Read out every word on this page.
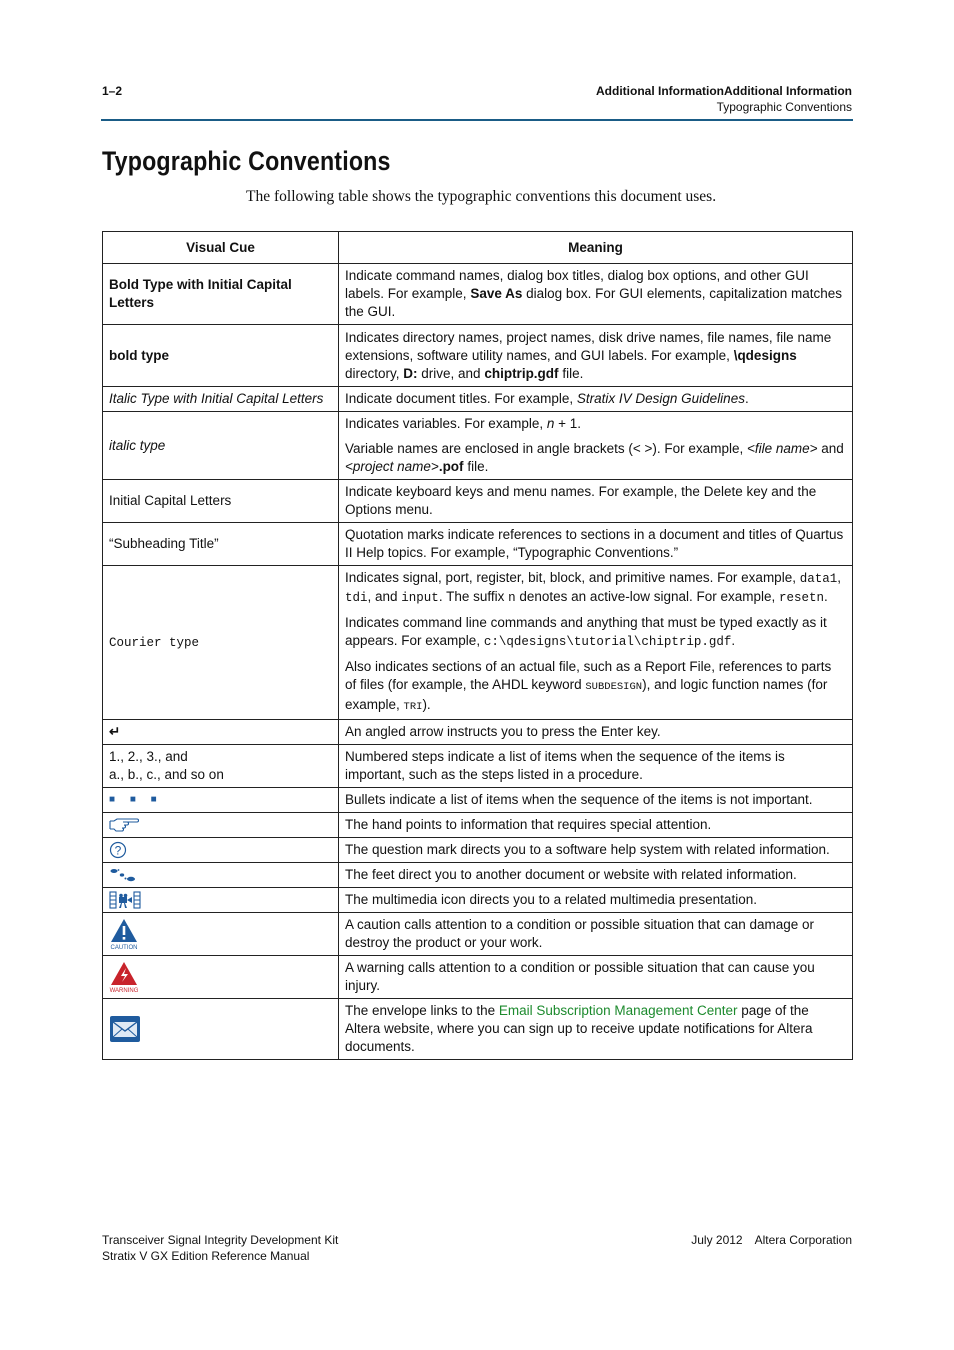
1–2	Additional InformationAdditional Information
Typographic Conventions
Typographic Conventions

The following table shows the typographic conventions this document uses.

Visual Cue	Meaning
Bold Type with Initial Capital Letters	Indicate command names, dialog box titles, dialog box options, and other GUI labels. For example, Save As dialog box. For GUI elements, capitalization matches the GUI.
bold type	Indicates directory names, project names, disk drive names, file names, file name extensions, software utility names, and GUI labels. For example, \qdesigns directory, D: drive, and chiptrip.gdf file.
Italic Type with Initial Capital Letters	Indicate document titles. For example, Stratix IV Design Guidelines.
italic type	Indicates variables. For example, n + 1.

Variable names are enclosed in angle brackets (< >). For example, <file name> and <project name>.pof file.

Initial Capital Letters	Indicate keyboard keys and menu names. For example, the Delete key and the Options menu.
“Subheading Title”	Quotation marks indicate references to sections in a document and titles of Quartus II Help topics. For example, “Typographic Conventions.”
Courier type	Indicates signal, port, register, bit, block, and primitive names. For example, data1, tdi, and input. The suffix n denotes an active-low signal. For example, resetn.

Indicates command line commands and anything that must be typed exactly as it appears. For example, c:\qdesigns\tutorial\chiptrip.gdf.

Also indicates sections of an actual file, such as a Report File, references to parts of files (for example, the AHDL keyword SUBDESIGN), and logic function names (for example, TRI).

↵	An angled arrow instructs you to press the Enter key.

1., 2., 3., and
a., b., c., and so on	Numbered steps indicate a list of items when the sequence of the items is important, such as the steps listed in a procedure.
■ ■ ■	Bullets indicate a list of items when the sequence of the items is not important.

	The hand points to information that requires special attention.

?	The question mark directs you to a software help system with related information.

	The feet direct you to another document or website with related information.

	The multimedia icon directs you to a related multimedia presentation.

CAUTION	A caution calls attention to a condition or possible situation that can damage or destroy the product or your work.

WARNING	A warning calls attention to a condition or possible situation that can cause you injury.

	The envelope links to the Email Subscription Management Center page of the Altera website, where you can sign up to receive update notifications for Altera documents.
Transceiver Signal Integrity Development Kit
Stratix V GX Edition Reference Manual
July 2012 Altera Corporation
